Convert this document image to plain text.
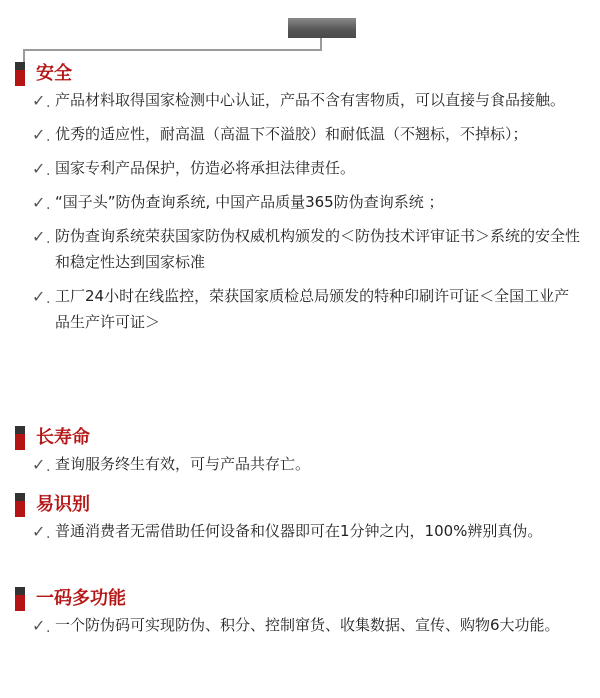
安全
✓ . 产品材料取得国家检测中心认证，产品不含有害物质，可以直接与食品接触。
✓ . 优秀的适应性，耐高温（高温下不溢胶）和耐低温（不翘标，不掉标）；
✓ . 国家专利产品保护，仿造必将承担法律责任。
✓ . “国子头”防伪查询系统, 中国产品质量365防伪查询系统 ；
✓ . 防伪查询系统荣获国家防伪权威机构颁发的＜防伪技术评审证书＞系统的安全性和稳定性达到国家标准
✓ . 工厂24小时在线监控，荣获国家质检总局颁发的特种印刷许可证＜全国工业产品生产许可证＞
长寿命
✓ . 查询服务终生有效，可与产品共存亡。
易识别
✓ . 普通消费者无需借助任何设备和仪器即可在1分钟之内，100%辨别真伪。
一码多功能
✓ . 一个防伪码可实现防伪、积分、控制窜货、收集数据、宣传、购物6大功能。
